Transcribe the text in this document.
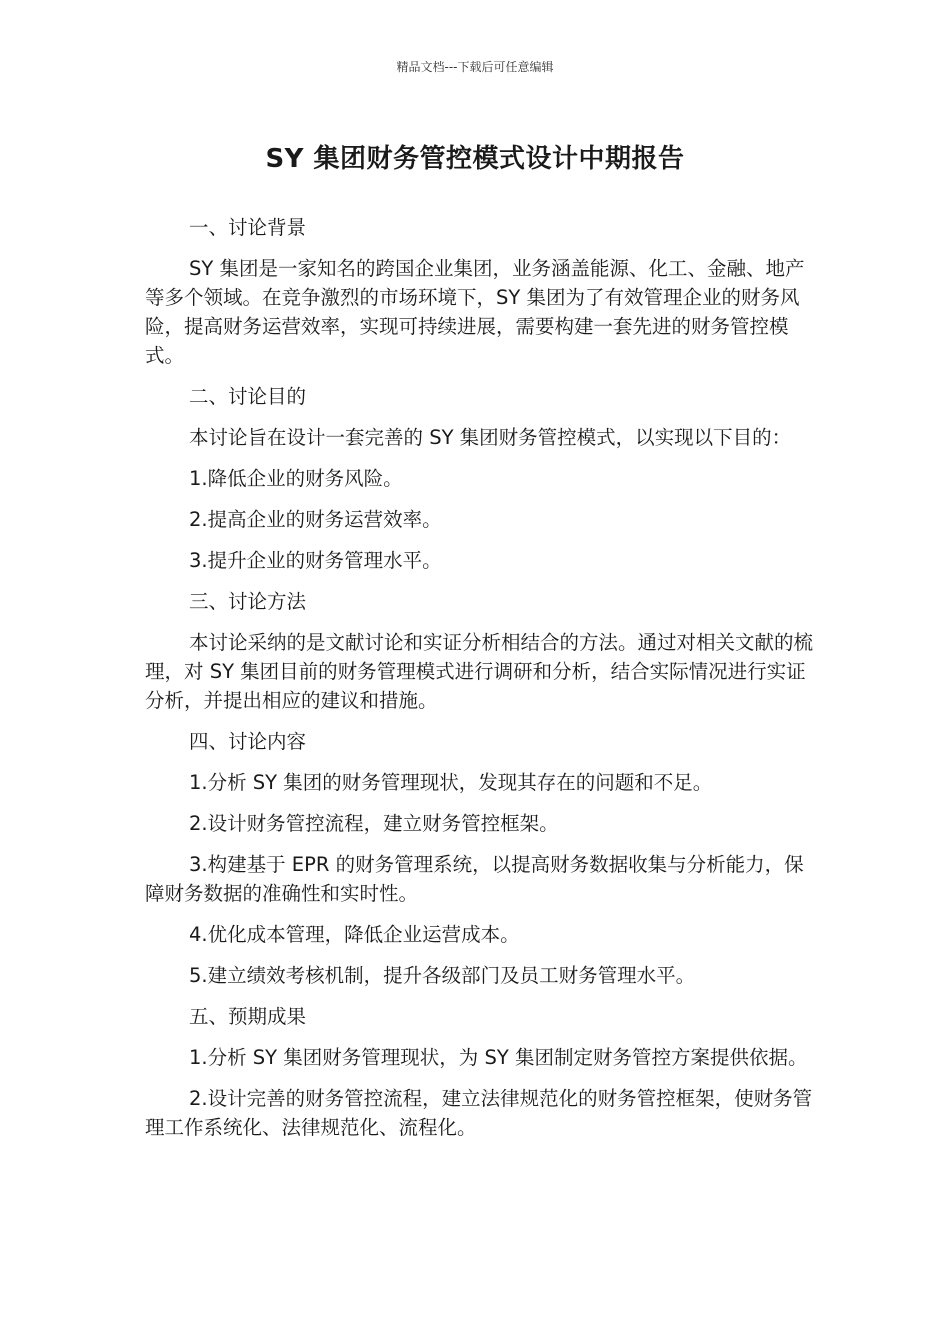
精品文档---下载后可任意编辑
SY 集团财务管控模式设计中期报告

一、讨论背景

SY 集团是一家知名的跨国企业集团，业务涵盖能源、化工、金融、地产等多个领域。在竞争激烈的市场环境下，SY 集团为了有效管理企业的财务风险，提高财务运营效率，实现可持续进展，需要构建一套先进的财务管控模式。

二、讨论目的

本讨论旨在设计一套完善的 SY 集团财务管控模式，以实现以下目的：

1.降低企业的财务风险。

2.提高企业的财务运营效率。

3.提升企业的财务管理水平。

三、讨论方法

本讨论采纳的是文献讨论和实证分析相结合的方法。通过对相关文献的梳理，对 SY 集团目前的财务管理模式进行调研和分析，结合实际情况进行实证分析，并提出相应的建议和措施。

四、讨论内容

1.分析 SY 集团的财务管理现状，发现其存在的问题和不足。

2.设计财务管控流程，建立财务管控框架。

3.构建基于 EPR 的财务管理系统，以提高财务数据收集与分析能力，保障财务数据的准确性和实时性。

4.优化成本管理，降低企业运营成本。

5.建立绩效考核机制，提升各级部门及员工财务管理水平。

五、预期成果

1.分析 SY 集团财务管理现状，为 SY 集团制定财务管控方案提供依据。

2.设计完善的财务管控流程，建立法律规范化的财务管控框架，使财务管理工作系统化、法律规范化、流程化。
